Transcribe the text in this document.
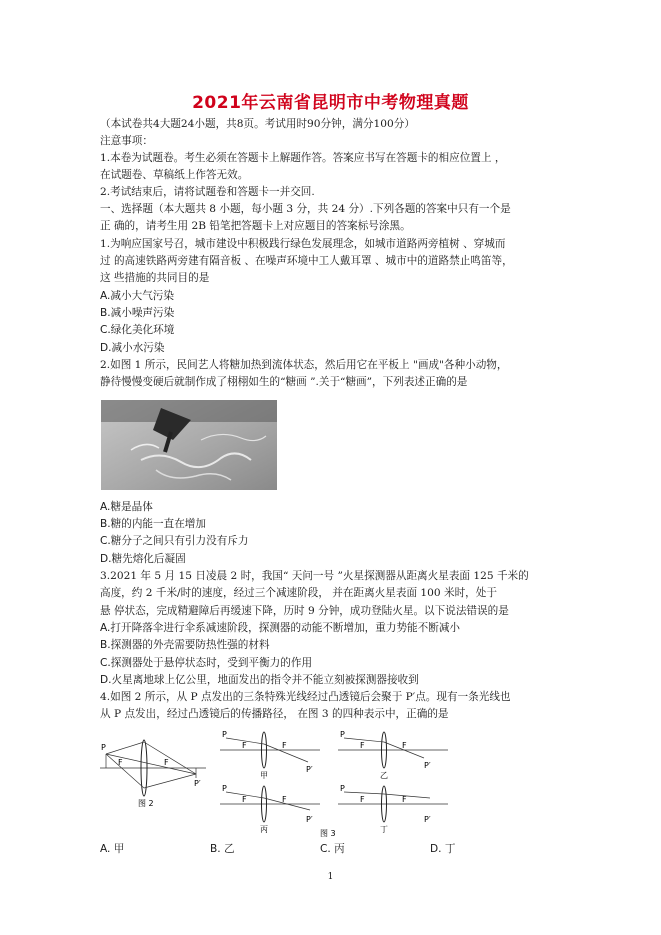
2021年云南省昆明市中考物理真题
（本试卷共4大题24小题，共8页。考试用时90分钟，满分100分）
注意事项：
1.本卷为试题卷。考生必须在答题卡上解题作答。答案应书写在答题卡的相应位置上 ，
在试题卷、草稿纸上作答无效。
2.考试结束后，请将试题卷和答题卡一并交回.
一、选择题（本大题共 8 小题，每小题 3 分，共 24 分）.下列各题的答案中只有一个是
正 确的，请考生用 2B 铅笔把答题卡上对应题目的答案标号涂黑。
1.为响应国家号召，城市建设中积极践行绿色发展理念，如城市道路两旁植树 、穿城而
过 的高速铁路两旁建有隔音板 、在噪声环境中工人戴耳罩 、城市中的道路禁止鸣笛等，
这 些措施的共同目的是
A.减小大气污染
B.减小噪声污染
C.绿化美化环境
D.减小水污染
2.如图 1 所示，民间艺人将糖加热到流体状态，然后用它在平板上 "画成"各种小动物，
静待慢慢变硬后就制作成了栩栩如生的“糖画 ”.关于“糖画”，下列表述正确的是
A.糖是晶体
B.糖的内能一直在增加
C.糖分子之间只有引力没有斥力
D.糖先熔化后凝固
3.2021 年 5 月 15 日凌晨 2 时，我国“ 天问一号 ”火星探测器从距离火星表面 125 千米的
高度，约 2 千米/时的速度，经过三个减速阶段， 并在距离火星表面 100 米时，处于
悬 停状态，完成精避障后再缓速下降，历时 9 分钟，成功登陆火星。以下说法错误的是
A.打开降落伞进行伞系减速阶段，探测器的动能不断增加，重力势能不断减小
B.探测器的外壳需要防热性强的材料
C.探测器处于悬停状态时，受到平衡力的作用
D.火星离地球上亿公里，地面发出的指令并不能立刻被探测器接收到
4.如图 2 所示，从 P 点发出的三条特殊光线经过凸透镜后会聚于 P′点。现有一条光线也
从 P 点发出，经过凸透镜后的传播路径， 在图 3 的四种表示中，正确的是
P
F	F
P′
图 2
P
F	F
P′
甲
P
F	F
P′
乙
P
F	F
P′
丙
P
F	F
P′
丁
图 3
A. 甲	B. 乙	C. 丙	D. 丁
1
